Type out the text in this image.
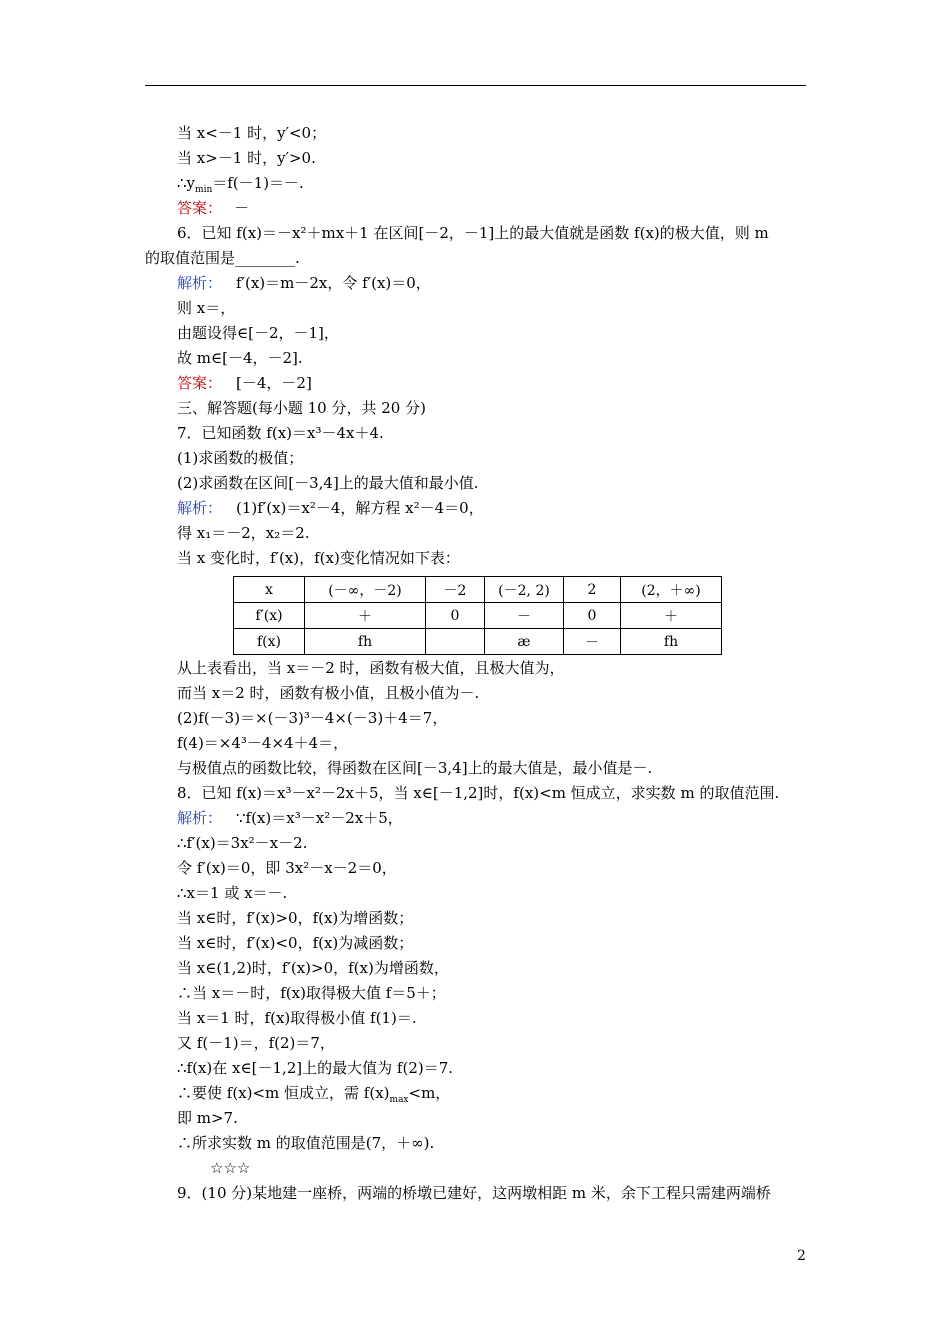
当 x<－1 时，y′<0；
当 x>－1 时，y′>0.
$\therefore y_{min}=f(-1)=-$.
答案： －
6．已知 f(x)＝－x²＋mx＋1 在区间[－2，－1]上的最大值就是函数 f(x)的极大值，则 m
的取值范围是________.
解析： f′(x)＝m－2x，令 f′(x)＝0，
则 x＝，
由题设得∈[－2，－1]，
故 m∈[－4，－2].
答案： [－4，－2]
三、解答题(每小题 10 分，共 20 分)
7．已知函数 f(x)＝x³－4x＋4.
(1)求函数的极值；
(2)求函数在区间[－3,4]上的最大值和最小值.
解析： (1)f′(x)＝x²－4，解方程 x²－4＝0，
得 x₁＝－2，x₂＝2.
当 x 变化时，f′(x)，f(x)变化情况如下表：
x	(－∞，－2)	－2	(－2, 2)	2	(2，＋∞)
f′(x)	＋	0	－	0	＋
f(x)	fh		æ	－	fh
从上表看出，当 x＝－2 时，函数有极大值，且极大值为，
而当 x＝2 时，函数有极小值，且极小值为－.
(2)f(－3)＝×(－3)³－4×(－3)＋4＝7，
f(4)＝×4³－4×4＋4＝，
与极值点的函数比较，得函数在区间[－3,4]上的最大值是，最小值是－.
8．已知 f(x)＝x³－x²－2x＋5，当 x∈[－1,2]时，f(x)<m 恒成立，求实数 m 的取值范围.
解析： ∵f(x)＝x³－x²－2x＋5，
∴f′(x)＝3x²－x－2.
令 f′(x)＝0，即 3x²－x－2＝0，
∴x＝1 或 x＝－.
当 x∈时，f′(x)>0，f(x)为增函数；
当 x∈时，f′(x)<0，f(x)为减函数；
当 x∈(1,2)时，f′(x)>0，f(x)为增函数，
∴当 x＝－时，f(x)取得极大值 f＝5＋；
当 x＝1 时，f(x)取得极小值 f(1)＝.
又 f(－1)＝，f(2)＝7，
∴f(x)在 x∈[－1,2]上的最大值为 f(2)＝7.
∴要使 f(x)<m 恒成立，需 $f(x)_{max}<m$，
即 m>7.
∴所求实数 m 的取值范围是(7，＋∞).
☆☆☆
9．(10 分)某地建一座桥，两端的桥墩已建好，这两墩相距 m 米，余下工程只需建两端桥
2
